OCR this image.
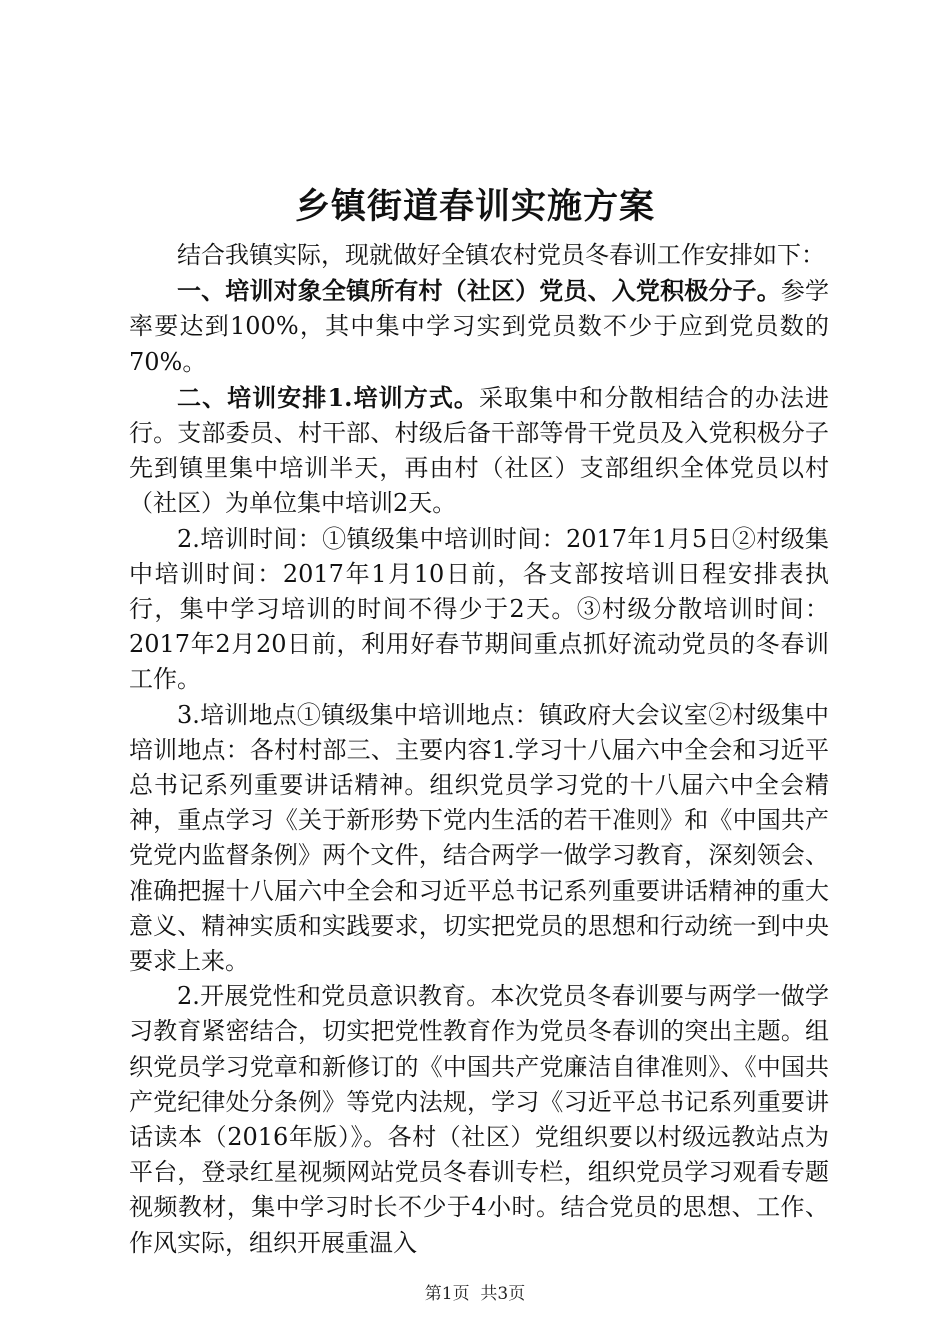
乡镇街道春训实施方案

结合我镇实际，现就做好全镇农村党员冬春训工作安排如下：

一、培训对象全镇所有村（社区）党员、入党积极分子。参学率要达到100%，其中集中学习实到党员数不少于应到党员数的70%。

二、培训安排1.培训方式。采取集中和分散相结合的办法进行。支部委员、村干部、村级后备干部等骨干党员及入党积极分子先到镇里集中培训半天，再由村（社区）支部组织全体党员以村（社区）为单位集中培训2天。

2.培训时间：①镇级集中培训时间：2017年1月5日②村级集中培训时间：2017年1月10日前，各支部按培训日程安排表执行，集中学习培训的时间不得少于2天。③村级分散培训时间：2017年2月20日前，利用好春节期间重点抓好流动党员的冬春训工作。

3.培训地点①镇级集中培训地点：镇政府大会议室②村级集中培训地点：各村村部三、主要内容1.学习十八届六中全会和习近平总书记系列重要讲话精神。组织党员学习党的十八届六中全会精神，重点学习《关于新形势下党内生活的若干准则》和《中国共产党党内监督条例》两个文件，结合两学一做学习教育，深刻领会、准确把握十八届六中全会和习近平总书记系列重要讲话精神的重大意义、精神实质和实践要求，切实把党员的思想和行动统一到中央要求上来。

2.开展党性和党员意识教育。本次党员冬春训要与两学一做学习教育紧密结合，切实把党性教育作为党员冬春训的突出主题。组织党员学习党章和新修订的《中国共产党廉洁自律准则》、《中国共产党纪律处分条例》等党内法规，学习《习近平总书记系列重要讲话读本（2016年版）》。各村（社区）党组织要以村级远教站点为平台，登录红星视频网站党员冬春训专栏，组织党员学习观看专题视频教材，集中学习时长不少于4小时。结合党员的思想、工作、作风实际，组织开展重温入

第1页 共3页
